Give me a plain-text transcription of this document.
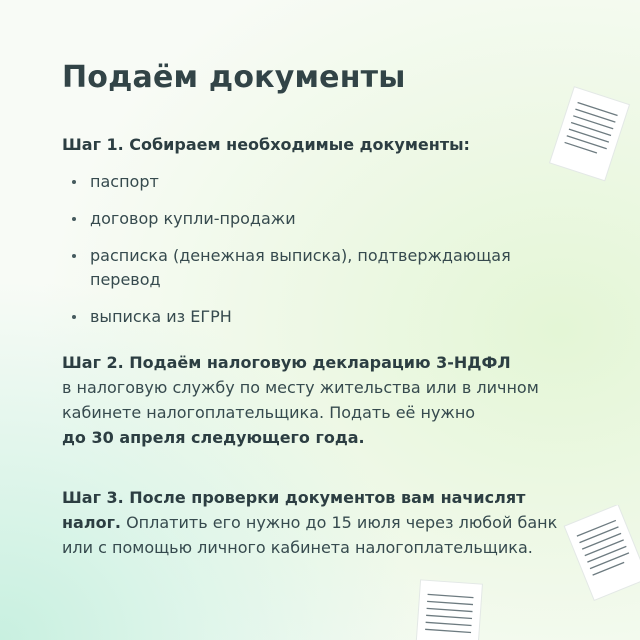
Подаём документы

Шаг 1. Собираем необходимые документы:

паспорт
договор купли-продажи
расписка (денежная выписка), подтверждающая перевод
выписка из ЕГРН

Шаг 2. Подаём налоговую декларацию 3-НДФЛ
в налоговую службу по месту жительства или в личном кабинете налогоплательщика. Подать её нужно
до 30 апреля следующего года.

Шаг 3. После проверки документов вам начислят
налог. Оплатить его нужно до 15 июля через любой банк или с помощью личного кабинета налогоплательщика.
